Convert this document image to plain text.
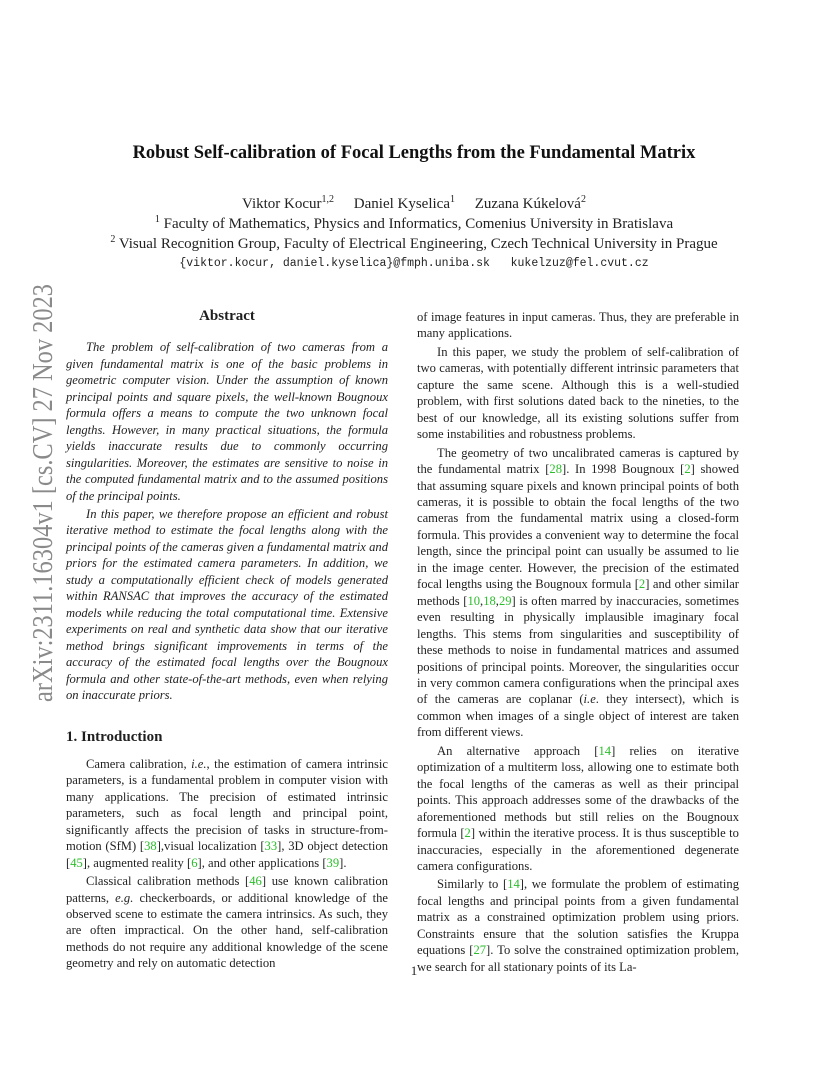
arXiv:2311.16304v1 [cs.CV] 27 Nov 2023
Robust Self-calibration of Focal Lengths from the Fundamental Matrix
Viktor Kocur$^{1,2}$ Daniel Kyselica$^1$ Zuzana Kúkelová$^2$
$^1$ Faculty of Mathematics, Physics and Informatics, Comenius University in Bratislava
$^2$ Visual Recognition Group, Faculty of Electrical Engineering, Czech Technical University in Prague
{viktor.kocur, daniel.kyselica}@fmph.uniba.sk   kukelzuz@fel.cvut.cz
Abstract

The problem of self-calibration of two cameras from a given fundamental matrix is one of the basic problems in geometric computer vision. Under the assumption of known principal points and square pixels, the well-known Bougnoux formula offers a means to compute the two unknown focal lengths. However, in many practical situations, the formula yields inaccurate results due to commonly occurring singularities. Moreover, the estimates are sensitive to noise in the computed fundamental matrix and to the assumed positions of the principal points.

In this paper, we therefore propose an efficient and robust iterative method to estimate the focal lengths along with the principal points of the cameras given a fundamental matrix and priors for the estimated camera parameters. In addition, we study a computationally efficient check of models generated within RANSAC that improves the accuracy of the estimated models while reducing the total computational time. Extensive experiments on real and synthetic data show that our iterative method brings significant improvements in terms of the accuracy of the estimated focal lengths over the Bougnoux formula and other state-of-the-art methods, even when relying on inaccurate priors.

1. Introduction

Camera calibration, i.e., the estimation of camera intrinsic parameters, is a fundamental problem in computer vision with many applications. The precision of estimated intrinsic parameters, such as focal length and principal point, significantly affects the precision of tasks in structure-from-motion (SfM) [38],visual localization [33], 3D object detection [45], augmented reality [6], and other applications [39].

Classical calibration methods [46] use known calibration patterns, e.g. checkerboards, or additional knowledge of the observed scene to estimate the camera intrinsics. As such, they are often impractical. On the other hand, self-calibration methods do not require any additional knowledge of the scene geometry and rely on automatic detection

of image features in input cameras. Thus, they are preferable in many applications.

In this paper, we study the problem of self-calibration of two cameras, with potentially different intrinsic parameters that capture the same scene. Although this is a well-studied problem, with first solutions dated back to the nineties, to the best of our knowledge, all its existing solutions suffer from some instabilities and robustness problems.

The geometry of two uncalibrated cameras is captured by the fundamental matrix [28]. In 1998 Bougnoux [2] showed that assuming square pixels and known principal points of both cameras, it is possible to obtain the focal lengths of the two cameras from the fundamental matrix using a closed-form formula. This provides a convenient way to determine the focal length, since the principal point can usually be assumed to lie in the image center. However, the precision of the estimated focal lengths using the Bougnoux formula [2] and other similar methods [10,18,29] is often marred by inaccuracies, sometimes even resulting in physically implausible imaginary focal lengths. This stems from singularities and susceptibility of these methods to noise in fundamental matrices and assumed positions of principal points. Moreover, the singularities occur in very common camera configurations when the principal axes of the cameras are coplanar (i.e. they intersect), which is common when images of a single object of interest are taken from different views.

An alternative approach [14] relies on iterative optimization of a multiterm loss, allowing one to estimate both the focal lengths of the cameras as well as their principal points. This approach addresses some of the drawbacks of the aforementioned methods but still relies on the Bougnoux formula [2] within the iterative process. It is thus susceptible to inaccuracies, especially in the aforementioned degenerate camera configurations.

Similarly to [14], we formulate the problem of estimating focal lengths and principal points from a given fundamental matrix as a constrained optimization problem using priors. Constraints ensure that the solution satisfies the Kruppa equations [27]. To solve the constrained optimization problem, we search for all stationary points of its La-

1
